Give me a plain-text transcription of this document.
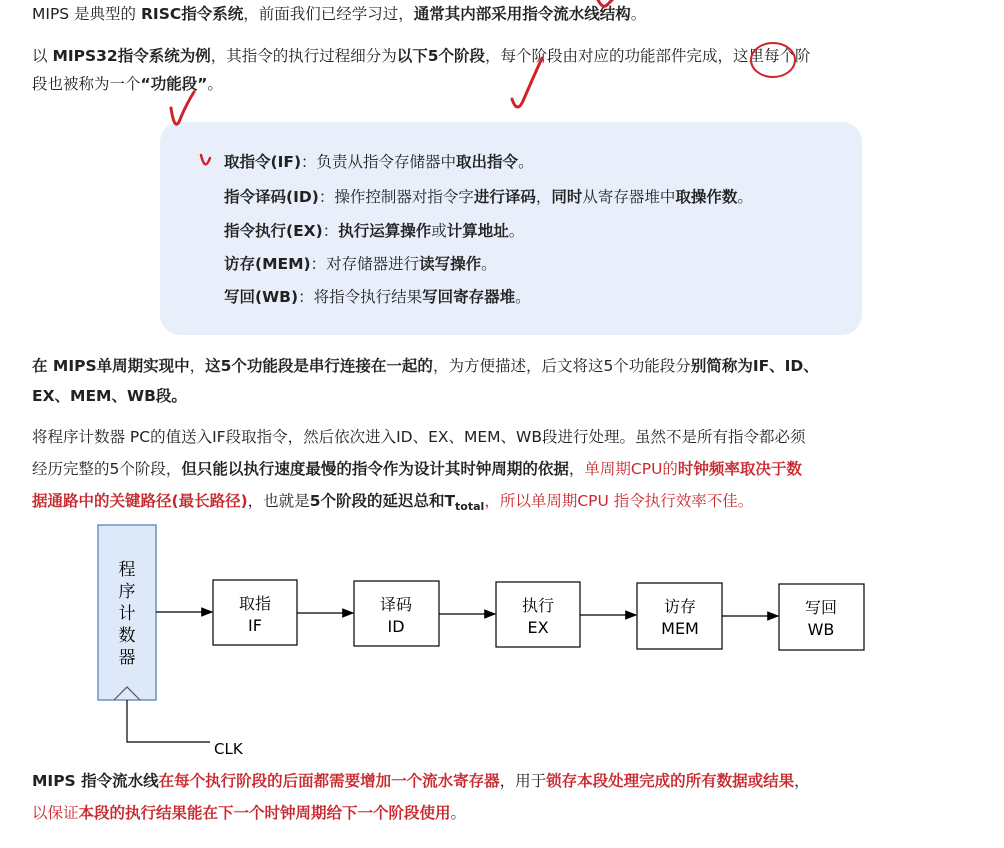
MIPS 是典型的 RISC指令系统，前面我们已经学习过，通常其内部采用指令流水线结构。
以 MIPS32指令系统为例，其指令的执行过程细分为以下5个阶段，每个阶段由对应的功能部件完成，这里每个阶
段也被称为一个“功能段”。
取指令(IF)：负责从指令存储器中取出指令。
指令译码(ID)：操作控制器对指令字进行译码，同时从寄存器堆中取操作数。
指令执行(EX)：执行运算操作或计算地址。
访存(MEM)：对存储器进行读写操作。
写回(WB)：将指令执行结果写回寄存器堆。
在 MIPS单周期实现中，这5个功能段是串行连接在一起的，为方便描述，后文将这5个功能段分别简称为IF、ID、
EX、MEM、WB段。
将程序计数器 PC的值送入IF段取指令，然后依次进入ID、EX、MEM、WB段进行处理。虽然不是所有指令都必须
经历完整的5个阶段，但只能以执行速度最慢的指令作为设计其时钟周期的依据，单周期CPU的时钟频率取决于数
据通路中的关键路径(最长路径)，也就是5个阶段的延迟总和$T_{total}$，所以单周期CPU 指令执行效率不佳。
程
序
计
数
器
取指
IF
译码
ID
执行
EX
访存
MEM
写回
WB
CLK
MIPS 指令流水线在每个执行阶段的后面都需要增加一个流水寄存器，用于锁存本段处理完成的所有数据或结果，
以保证本段的执行结果能在下一个时钟周期给下一个阶段使用。
